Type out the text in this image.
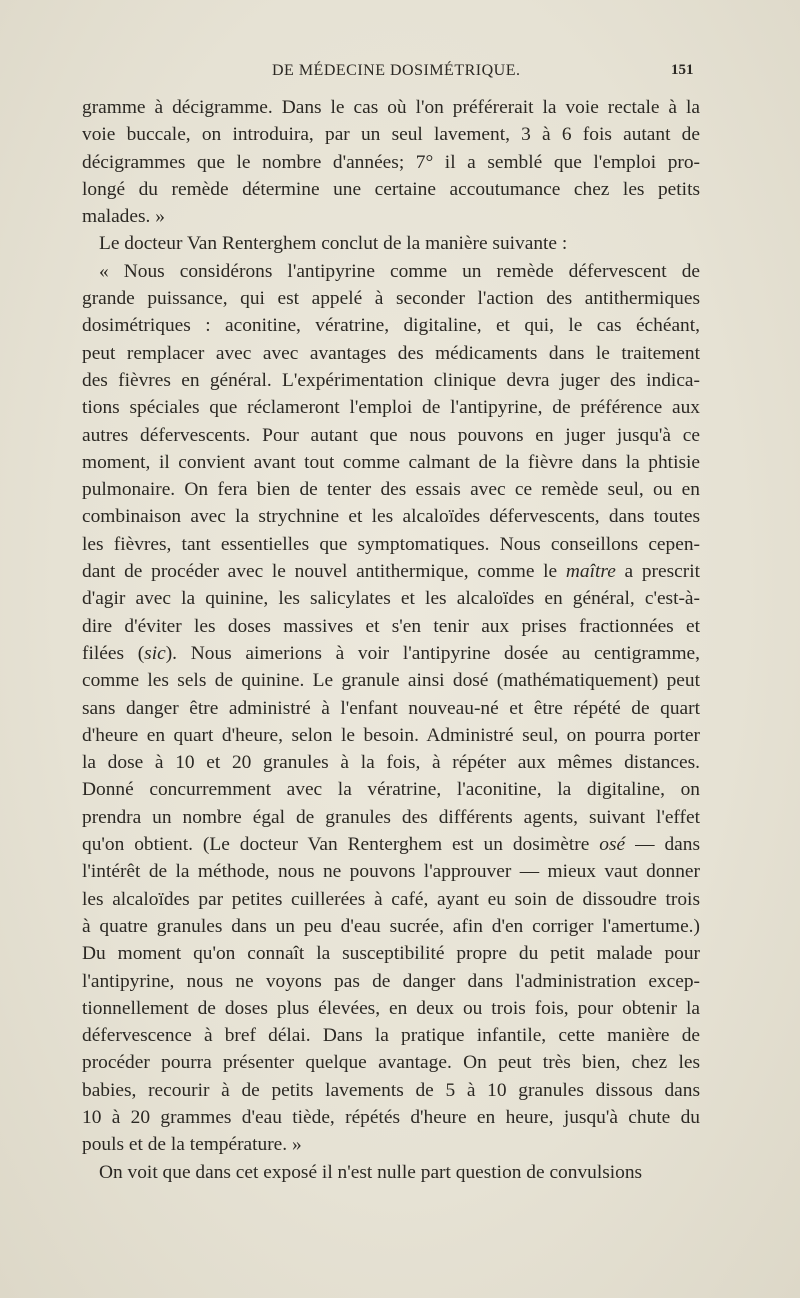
DE MÉDECINE DOSIMÉTRIQUE.	151
gramme à décigramme. Dans le cas où l'on préférerait la voie rectale à la
voie buccale, on introduira, par un seul lavement, 3 à 6 fois autant de
décigrammes que le nombre d'années; 7° il a semblé que l'emploi pro-
longé du remède détermine une certaine accoutumance chez les petits
malades. »
Le docteur Van Renterghem conclut de la manière suivante :
« Nous considérons l'antipyrine comme un remède défervescent de
grande puissance, qui est appelé à seconder l'action des antithermiques
dosimétriques : aconitine, vératrine, digitaline, et qui, le cas échéant,
peut remplacer avec avec avantages des médicaments dans le traitement
des fièvres en général. L'expérimentation clinique devra juger des indica-
tions spéciales que réclameront l'emploi de l'antipyrine, de préférence aux
autres défervescents. Pour autant que nous pouvons en juger jusqu'à ce
moment, il convient avant tout comme calmant de la fièvre dans la phtisie
pulmonaire. On fera bien de tenter des essais avec ce remède seul, ou en
combinaison avec la strychnine et les alcaloïdes défervescents, dans toutes
les fièvres, tant essentielles que symptomatiques. Nous conseillons cepen-
dant de procéder avec le nouvel antithermique, comme le maître a prescrit
d'agir avec la quinine, les salicylates et les alcaloïdes en général, c'est-à-
dire d'éviter les doses massives et s'en tenir aux prises fractionnées et
filées (sic). Nous aimerions à voir l'antipyrine dosée au centigramme,
comme les sels de quinine. Le granule ainsi dosé (mathématiquement) peut
sans danger être administré à l'enfant nouveau-né et être répété de quart
d'heure en quart d'heure, selon le besoin. Administré seul, on pourra porter
la dose à 10 et 20 granules à la fois, à répéter aux mêmes distances.
Donné concurremment avec la vératrine, l'aconitine, la digitaline, on
prendra un nombre égal de granules des différents agents, suivant l'effet
qu'on obtient. (Le docteur Van Renterghem est un dosimètre osé — dans
l'intérêt de la méthode, nous ne pouvons l'approuver — mieux vaut donner
les alcaloïdes par petites cuillerées à café, ayant eu soin de dissoudre trois
à quatre granules dans un peu d'eau sucrée, afin d'en corriger l'amertume.)
Du moment qu'on connaît la susceptibilité propre du petit malade pour
l'antipyrine, nous ne voyons pas de danger dans l'administration excep-
tionnellement de doses plus élevées, en deux ou trois fois, pour obtenir la
défervescence à bref délai. Dans la pratique infantile, cette manière de
procéder pourra présenter quelque avantage. On peut très bien, chez les
babies, recourir à de petits lavements de 5 à 10 granules dissous dans
10 à 20 grammes d'eau tiède, répétés d'heure en heure, jusqu'à chute du
pouls et de la température. »
On voit que dans cet exposé il n'est nulle part question de convulsions
